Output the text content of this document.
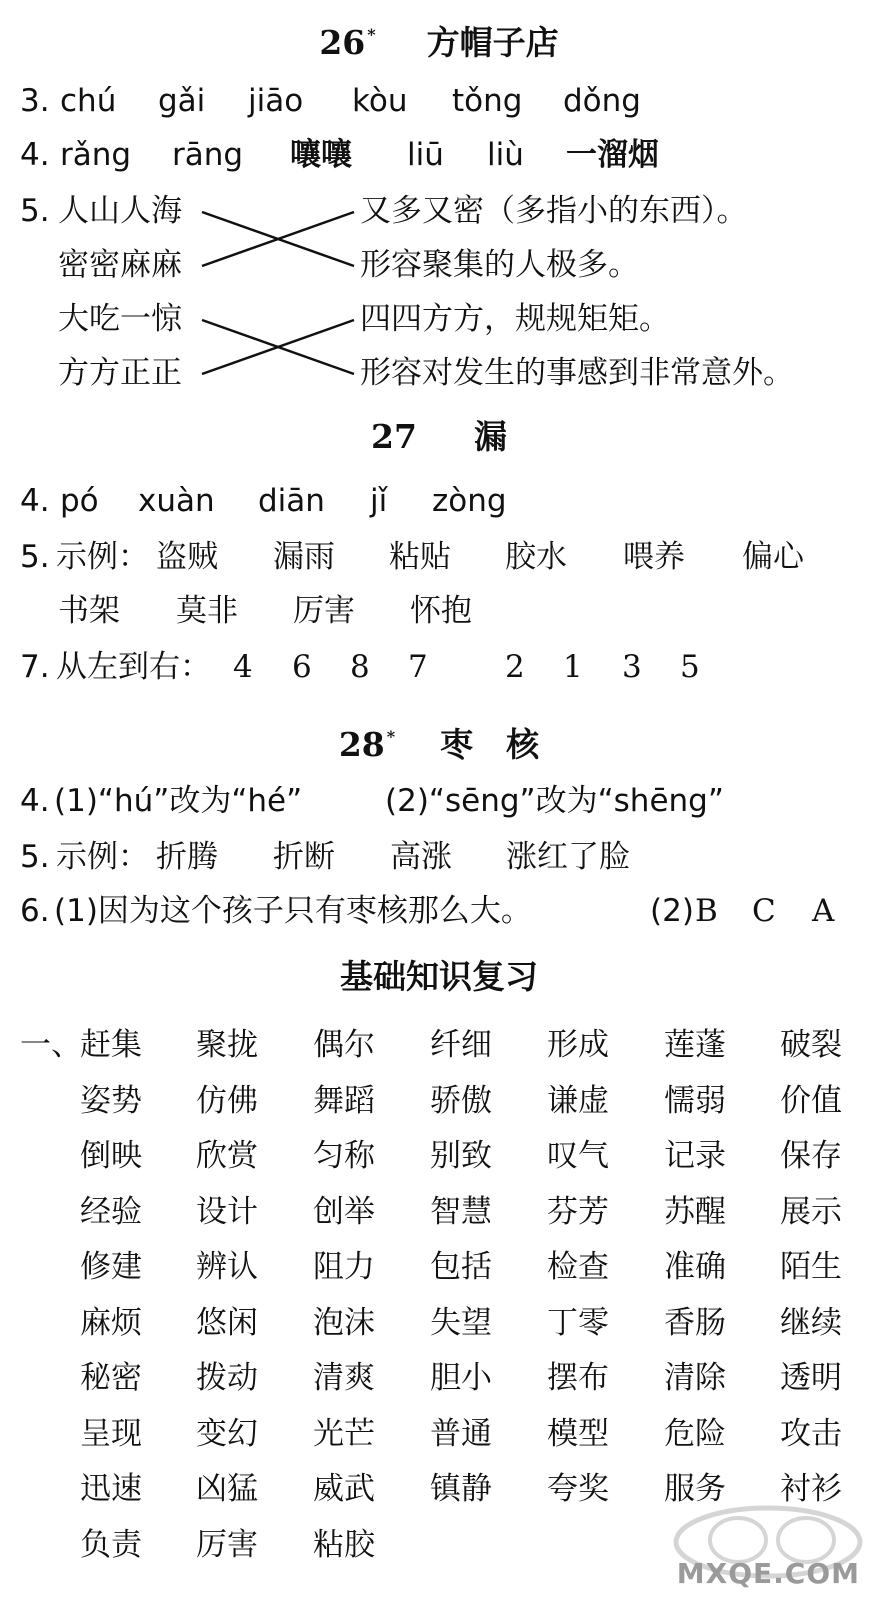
26 * 方帽子店
3. chú gǎi jiāo kòu tǒng dǒng
4. rǎng rāng 嚷嚷 liū liù 一溜烟
5. 人山人海
密密麻麻
大吃一惊
方方正正
又多又密（多指小的东西）。
形容聚集的人极多。
四四方方，规规矩矩。
形容对发生的事感到非常意外。
27 漏
4. pó xuàn diān jǐ zòng
5. 示例： 盗贼 漏雨 粘贴 胶水 喂养 偏心
书架 莫非 厉害 怀抱
7. 从左到右： 4 6 8 7 2 1 3 5
28 * 枣　核
4. (1)“hú”改为“hé”	(2)“sēng”改为“shēng”
5. 示例： 折腾 折断 高涨 涨红了脸
6. (1)因为这个孩子只有枣核那么大。	(2) B C A
基础知识复习
一、
赶集 聚拢 偶尔 纤细 形成 莲蓬 破裂
姿势 仿佛 舞蹈 骄傲 谦虚 懦弱 价值
倒映 欣赏 匀称 别致 叹气 记录 保存
经验 设计 创举 智慧 芬芳 苏醒 展示
修建 辨认 阻力 包括 检查 准确 陌生
麻烦 悠闲 泡沫 失望 丁零 香肠 继续
秘密 拨动 清爽 胆小 摆布 清除 透明
呈现 变幻 光芒 普通 模型 危险 攻击
迅速 凶猛 威武 镇静 夸奖 服务 衬衫
负责 厉害 粘胶
MXQE.COM
